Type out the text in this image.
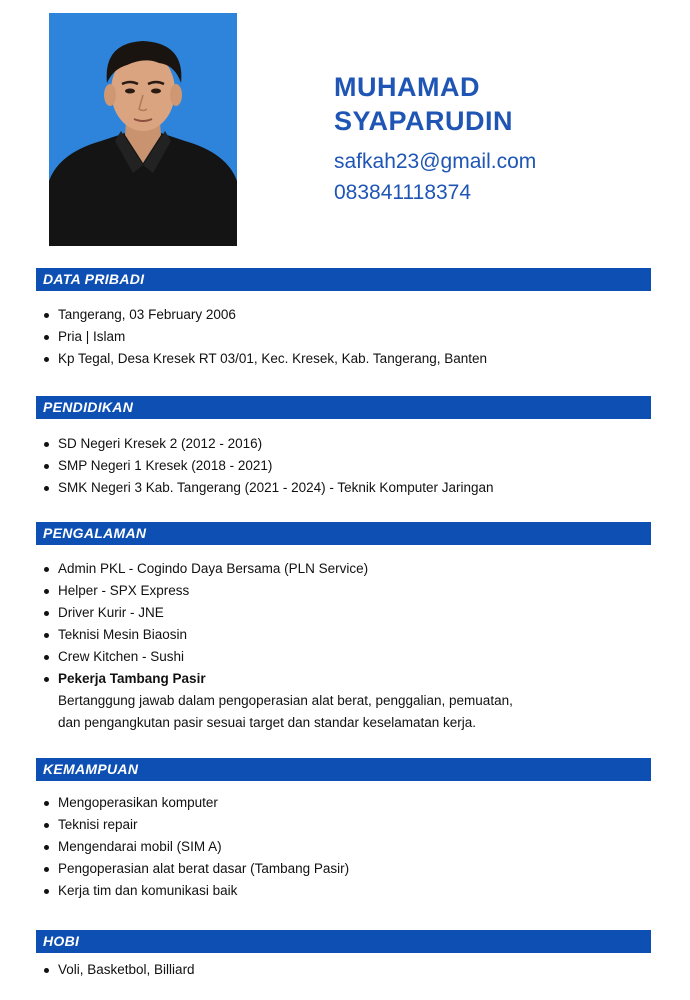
MUHAMAD
SYAPARUDIN
safkah23@gmail.com
083841118374
DATA PRIBADI
Tangerang, 03 February 2006
Pria | Islam
Kp Tegal, Desa Kresek RT 03/01, Kec. Kresek, Kab. Tangerang, Banten
PENDIDIKAN
SD Negeri Kresek 2 (2012 - 2016)
SMP Negeri 1 Kresek (2018 - 2021)
SMK Negeri 3 Kab. Tangerang (2021 - 2024) - Teknik Komputer Jaringan
PENGALAMAN
Admin PKL - Cogindo Daya Bersama (PLN Service)
Helper - SPX Express
Driver Kurir - JNE
Teknisi Mesin Biaosin
Crew Kitchen - Sushi
Pekerja Tambang Pasir
Bertanggung jawab dalam pengoperasian alat berat, penggalian, pemuatan,
dan pengangkutan pasir sesuai target dan standar keselamatan kerja.
KEMAMPUAN
Mengoperasikan komputer
Teknisi repair
Mengendarai mobil (SIM A)
Pengoperasian alat berat dasar (Tambang Pasir)
Kerja tim dan komunikasi baik
HOBI
Voli, Basketbol, Billiard
